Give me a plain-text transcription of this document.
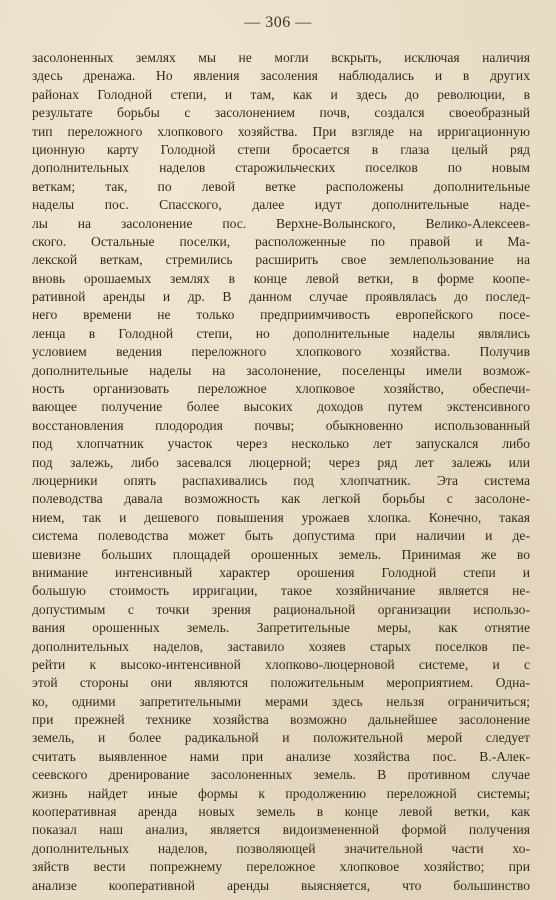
— 306 —
засолоненных землях мы не могли вскрыть, исключая наличия
здесь дренажа. Но явления засоления наблюдались и в других
районах Голодной степи, и там, как и здесь до революции, в
результате борьбы с засолонением почв, создался своеобразный
тип переложного хлопкового хозяйства. При взгляде на ирригационную
ционную карту Голодной степи бросается в глаза целый ряд
дополнительных наделов старожильческих поселков по новым
веткам; так, по левой ветке расположены дополнительные
наделы пос. Спасского, далее идут дополнительные наде-
лы на засолонение пос. Верхне-Волынского, Велико-Алексеев-
ского. Остальные поселки, расположенные по правой и Ма-
лекской веткам, стремились расширить свое землепользование на
вновь орошаемых землях в конце левой ветки, в форме коопе-
ративной аренды и др. В данном случае проявлялась до послед-
него времени не только предприимчивость европейского посе-
ленца в Голодной степи, но дополнительные наделы являлись
условием ведения переложного хлопкового хозяйства. Получив
дополнительные наделы на засолонение, поселенцы имели возмож-
ность организовать переложное хлопковое хозяйство, обеспечи-
вающее получение более высоких доходов путем экстенсивного
восстановления плодородия почвы; обыкновенно использованный
под хлопчатник участок через несколько лет запускался либо
под залежь, либо засевался люцерной; через ряд лет залежь или
люцерники опять распахивались под хлопчатник. Эта система
полеводства давала возможность как легкой борьбы с засолоне-
нием, так и дешевого повышения урожаев хлопка. Конечно, такая
система полеводства может быть допустима при наличии и де-
шевизне больших площадей орошенных земель. Принимая же во
внимание интенсивный характер орошения Голодной степи и
большую стоимость ирригации, такое хозяйничание является не-
допустимым с точки зрения рациональной организации использо-
вания орошенных земель. Запретительные меры, как отнятие
дополнительных наделов, заставило хозяев старых поселков пе-
рейти к высоко-интенсивной хлопково-люцерновой системе, и с
этой стороны они являются положительным мероприятием. Одна-
ко, одними запретительными мерами здесь нельзя ограничиться;
при прежней технике хозяйства возможно дальнейшее засолонение
земель, и более радикальной и положительной мерой следует
считать выявленное нами при анализе хозяйства пос. В.-Алек-
сеевского дренирование засолоненных земель. В противном случае
жизнь найдет иные формы к продолжению переложной системы;
кооперативная аренда новых земель в конце левой ветки, как
показал наш анализ, является видоизмененной формой получения
дополнительных наделов, позволяющей значительной части хо-
зяйств вести попрежнему переложное хлопковое хозяйство; при
анализе кооперативной аренды выясняется, что большинство
